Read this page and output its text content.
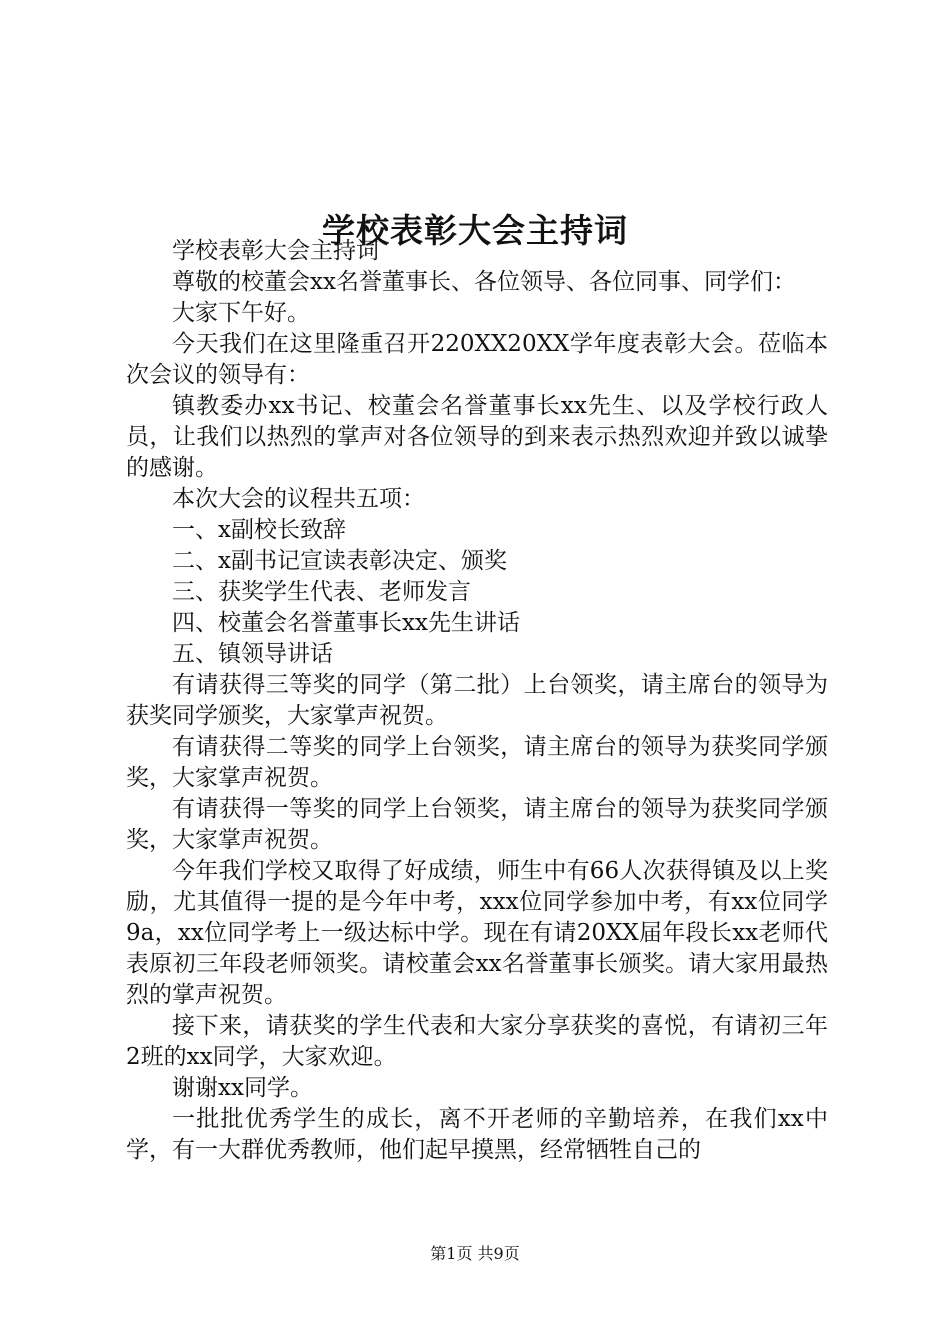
学校表彰大会主持词

学校表彰大会主持词

尊敬的校董会xx名誉董事长、各位领导、各位同事、同学们：

大家下午好。

今天我们在这里隆重召开220XX20XX学年度表彰大会。莅临本次会议的领导有：

镇教委办xx书记、校董会名誉董事长xx先生、以及学校行政人员，让我们以热烈的掌声对各位领导的到来表示热烈欢迎并致以诚挚的感谢。

本次大会的议程共五项：

一、x副校长致辞

二、x副书记宣读表彰决定、颁奖

三、获奖学生代表、老师发言

四、校董会名誉董事长xx先生讲话

五、镇领导讲话

有请获得三等奖的同学（第二批）上台领奖，请主席台的领导为获奖同学颁奖，大家掌声祝贺。

有请获得二等奖的同学上台领奖，请主席台的领导为获奖同学颁奖，大家掌声祝贺。

有请获得一等奖的同学上台领奖，请主席台的领导为获奖同学颁奖，大家掌声祝贺。

今年我们学校又取得了好成绩，师生中有66人次获得镇及以上奖励，尤其值得一提的是今年中考，xxx位同学参加中考，有xx位同学9a，xx位同学考上一级达标中学。现在有请20XX届年段长xx老师代表原初三年段老师领奖。请校董会xx名誉董事长颁奖。请大家用最热烈的掌声祝贺。

接下来，请获奖的学生代表和大家分享获奖的喜悦，有请初三年2班的xx同学，大家欢迎。

谢谢xx同学。

一批批优秀学生的成长，离不开老师的辛勤培养，在我们xx中学，有一大群优秀教师，他们起早摸黑，经常牺牲自己的

第1页 共9页
